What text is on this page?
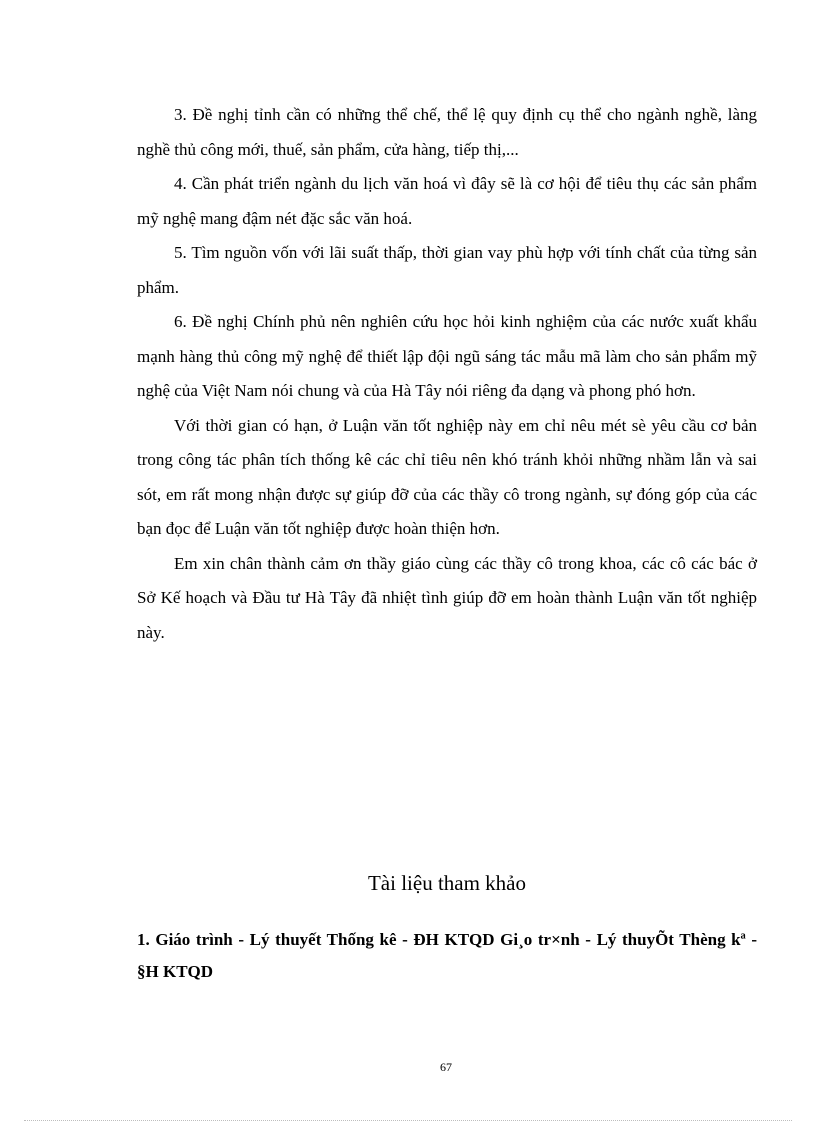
3. Đề nghị tỉnh cần có những thể chế, thể lệ quy định cụ thể cho ngành nghề, làng nghề thủ công mới, thuế, sản phẩm, cửa hàng, tiếp thị,...

4. Cần phát triển ngành du lịch văn hoá vì đây sẽ là cơ hội để tiêu thụ các sản phẩm mỹ nghệ mang đậm nét đặc sắc văn hoá.

5. Tìm nguồn vốn với lãi suất thấp, thời gian vay phù hợp với tính chất của từng sản phẩm.

6. Đề nghị Chính phủ nên nghiên cứu học hỏi kinh nghiệm của các nước xuất khẩu mạnh hàng thủ công mỹ nghệ để thiết lập đội ngũ sáng tác mẫu mã làm cho sản phẩm mỹ nghệ của Việt Nam nói chung và của Hà Tây nói riêng đa dạng và phong phó hơn.

Với thời gian có hạn, ở Luận văn tốt nghiệp này em chỉ nêu mét sè yêu cầu cơ bản trong công tác phân tích thống kê các chỉ tiêu nên khó tránh khỏi những nhầm lẫn và sai sót, em rất mong nhận được sự giúp đỡ của các thầy cô trong ngành, sự đóng góp của các bạn đọc để Luận văn tốt nghiệp được hoàn thiện hơn.

Em xin chân thành cảm ơn thầy giáo cùng các thầy cô trong khoa, các cô các bác ở Sở Kế hoạch và Đầu tư Hà Tây đã nhiệt tình giúp đỡ em hoàn thành Luận văn tốt nghiệp này.

Tài liệu tham khảo

1. Giáo trình - Lý thuyết Thống kê - ĐH KTQD Gi¸o tr×nh - Lý thuyÕt Thèng kª - §H KTQD

67
